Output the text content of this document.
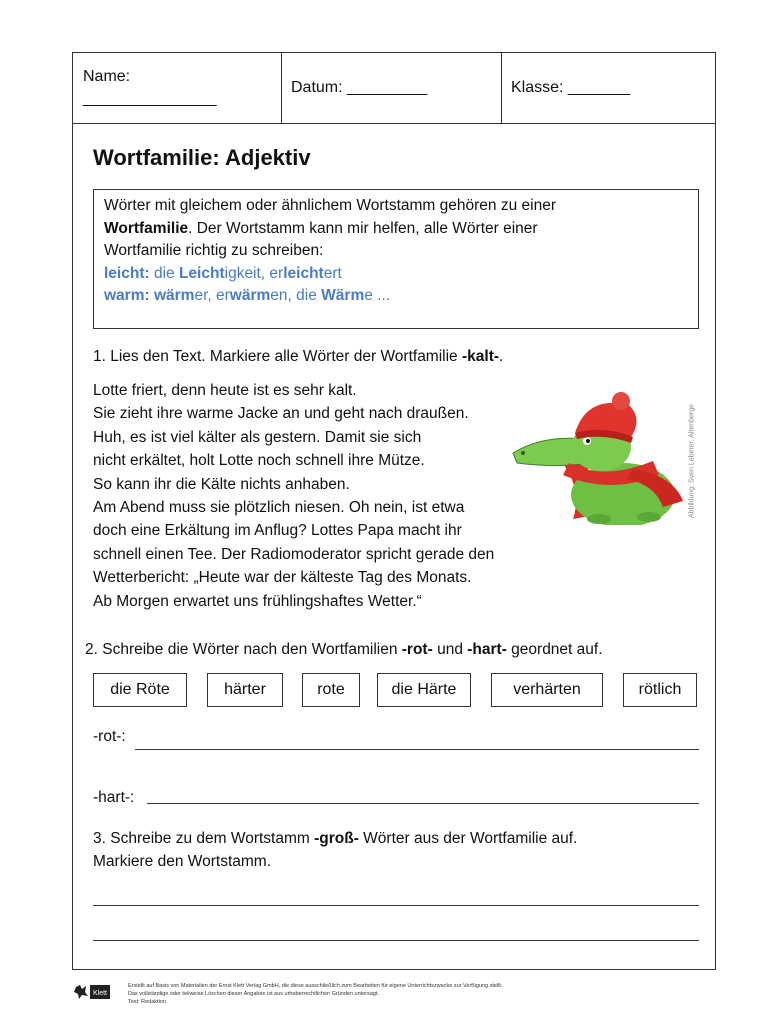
Name:
_______________
Datum: _________	Klasse: _______
Wortfamilie: Adjektiv
Wörter mit gleichem oder ähnlichem Wortstamm gehören zu einer
Wortfamilie. Der Wortstamm kann mir helfen, alle Wörter einer
Wortfamilie richtig zu schreiben:
leicht: die Leichtigkeit, erleichtert
warm: wärmer, erwärmen, die Wärme ...
1. Lies den Text. Markiere alle Wörter der Wortfamilie -kalt-.
Lotte friert, denn heute ist es sehr kalt.
Sie zieht ihre warme Jacke an und geht nach draußen.
Huh, es ist viel kälter als gestern. Damit sie sich
nicht erkältet, holt Lotte noch schnell ihre Mütze.
So kann ihr die Kälte nichts anhaben.
Am Abend muss sie plötzlich niesen. Oh nein, ist etwa
doch eine Erkältung im Anflug? Lottes Papa macht ihr
schnell einen Tee. Der Radiomoderator spricht gerade den
Wetterbericht: „Heute war der kälteste Tag des Monats.
Ab Morgen erwartet uns frühlingshaftes Wetter.“
Abbildung: Sven Leberer, Altenberge
2. Schreibe die Wörter nach den Wortfamilien -rot- und -hart- geordnet auf.
die Röte	härter	rote	die Härte	verhärten	rötlich
-rot-:
-hart-:
3. Schreibe zu dem Wortstamm -groß- Wörter aus der Wortfamilie auf.
Markiere den Wortstamm.
Klett
Erstellt auf Basis von Materialien der Ernst Klett Verlag GmbH, die diese ausschließlich zum Bearbeiten für eigene Unterrichtszwecke zur Verfügung stellt.
Das vollständige oder teilweise Löschen dieser Angaben ist aus urheberrechtlichen Gründen untersagt.
Text: Redaktion
